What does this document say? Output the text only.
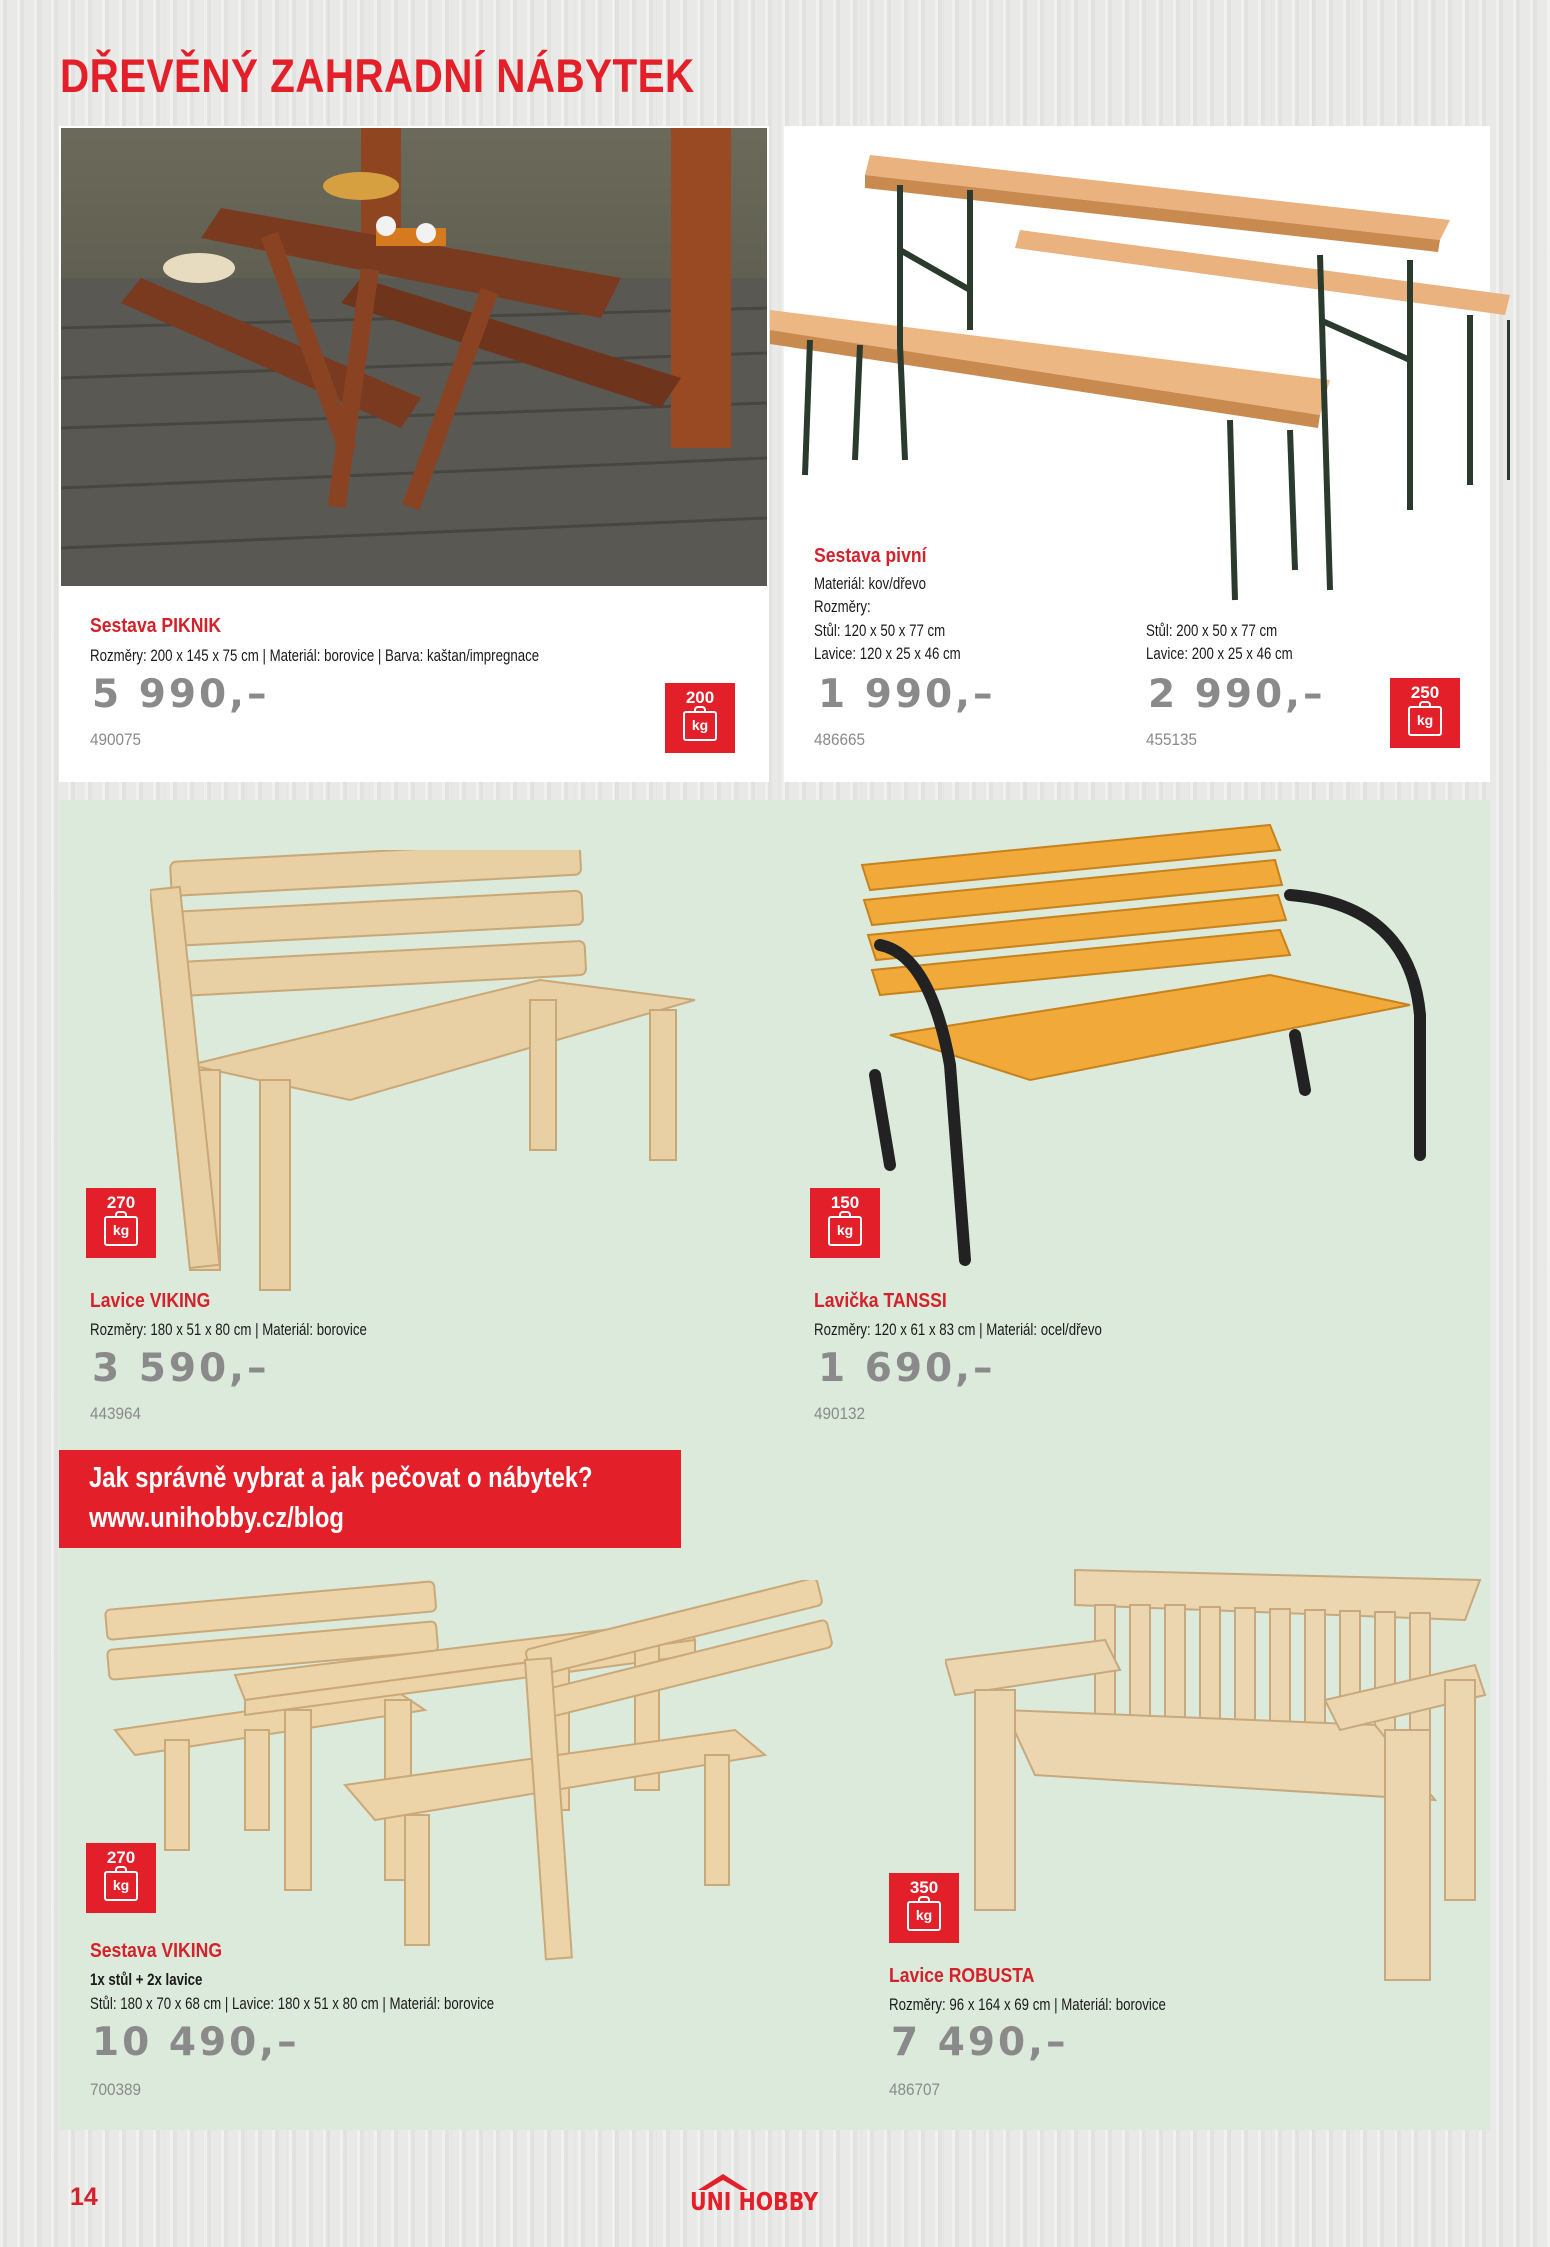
DŘEVĚNÝ ZAHRADNÍ NÁBYTEK
Sestava PIKNIK
Rozměry: 200 x 145 x 75 cm | Materiál: borovice | Barva: kaštan/impregnace
5 990,–
490075
200
kg
Sestava pivní
Materiál: kov/dřevo
Rozměry:
Stůl: 120 x 50 x 77 cm
Lavice: 120 x 25 x 46 cm
1 990,–
486665
Stůl: 200 x 50 x 77 cm
Lavice: 200 x 25 x 46 cm
2 990,–
455135
250
kg
270
kg
Lavice VIKING
Rozměry: 180 x 51 x 80 cm | Materiál: borovice
3 590,–
443964
150
kg
Lavička TANSSI
Rozměry: 120 x 61 x 83 cm | Materiál: ocel/dřevo
1 690,–
490132
Jak správně vybrat a jak pečovat o nábytek?
www.unihobby.cz/blog
270
kg
Sestava VIKING
1x stůl + 2x lavice
Stůl: 180 x 70 x 68 cm | Lavice: 180 x 51 x 80 cm | Materiál: borovice
10 490,–
700389
350
kg
Lavice ROBUSTA
Rozměry: 96 x 164 x 69 cm | Materiál: borovice
7 490,–
486707
14	UNI HOBBY
